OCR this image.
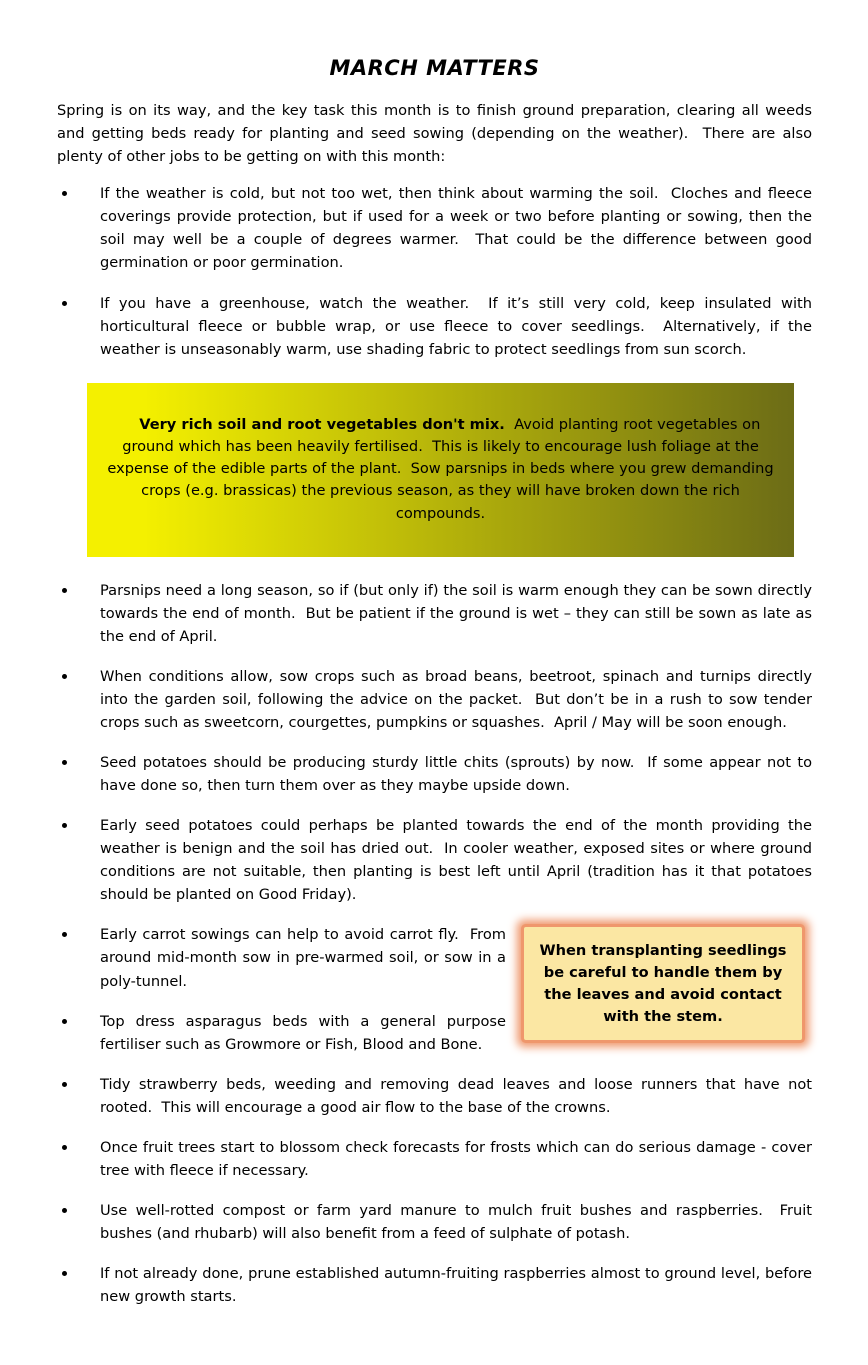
MARCH MATTERS

Spring is on its way, and the key task this month is to finish ground preparation, clearing all weeds and getting beds ready for planting and seed sowing (depending on the weather).  There are also plenty of other jobs to be getting on with this month:

If the weather is cold, but not too wet, then think about warming the soil.  Cloches and fleece coverings provide protection, but if used for a week or two before planting or sowing, then the soil may well be a couple of degrees warmer.  That could be the difference between good germination or poor germination.

If you have a greenhouse, watch the weather.  If it’s still very cold, keep insulated with horticultural fleece or bubble wrap, or use fleece to cover seedlings.  Alternatively, if the weather is unseasonably warm, use shading fabric to protect seedlings from sun scorch.

Very rich soil and root vegetables don't mix.  Avoid planting root vegetables on ground which has been heavily fertilised.  This is likely to encourage lush foliage at the expense of the edible parts of the plant.  Sow parsnips in beds where you grew demanding crops (e.g. brassicas) the previous season, as they will have broken down the rich compounds.

Parsnips need a long season, so if (but only if) the soil is warm enough they can be sown directly towards the end of month.  But be patient if the ground is wet – they can still be sown as late as the end of April.

When conditions allow, sow crops such as broad beans, beetroot, spinach and turnips directly into the garden soil, following the advice on the packet.  But don’t be in a rush to sow tender crops such as sweetcorn, courgettes, pumpkins or squashes.  April / May will be soon enough.

Seed potatoes should be producing sturdy little chits (sprouts) by now.  If some appear not to have done so, then turn them over as they maybe upside down.

Early seed potatoes could perhaps be planted towards the end of the month providing the weather is benign and the soil has dried out.  In cooler weather, exposed sites or where ground conditions are not suitable, then planting is best left until April (tradition has it that potatoes should be planted on Good Friday).

When transplanting seedlings be careful to handle them by the leaves and avoid contact with the stem.

Early carrot sowings can help to avoid carrot fly.  From around mid-month sow in pre-warmed soil, or sow in a poly-tunnel.

Top dress asparagus beds with a general purpose fertiliser such as Growmore or Fish, Blood and Bone.

Tidy strawberry beds, weeding and removing dead leaves and loose runners that have not rooted.  This will encourage a good air flow to the base of the crowns.

Once fruit trees start to blossom check forecasts for frosts which can do serious damage - cover tree with fleece if necessary.

Use well-rotted compost or farm yard manure to mulch fruit bushes and raspberries.  Fruit bushes (and rhubarb) will also benefit from a feed of sulphate of potash.

If not already done, prune established autumn-fruiting raspberries almost to ground level, before new growth starts.
